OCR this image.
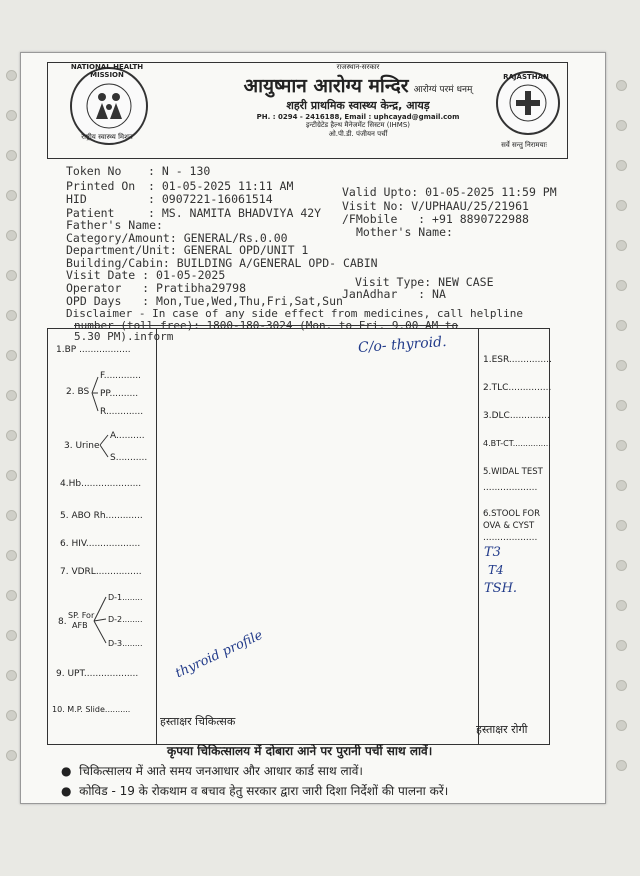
NATIONAL HEALTH MISSION
राष्ट्रीय स्वास्थ्य मिशन
राजस्थान-सरकार
आयुष्मान आरोग्य मन्दिर आरोग्यं परमं धनम्
शहरी प्राथमिक स्वास्थ्य केन्द्र, आयड़
PH. : 0294 - 2416188, Email : uphcayad@gmail.com
इन्टीग्रेटेड हैल्थ मैनेजमेंट सिस्टम (IHMS)
ओ.पी.डी. पंजीयन पर्ची
RAJASTHAN
सर्वे सन्तु निरामयाः
Token No : N - 130
Printed On : 01-05-2025 11:11 AM	Valid Upto: 01-05-2025 11:59 PM
HID	: 0907221-16061514	Visit No: V/UPHAAU/25/21961
Patient	: MS. NAMITA BHADVIYA 42Y /FMobile   : +91 8890722988
Father's Name:	Mother's Name:
Category/Amount: GENERAL/Rs.0.00
Department/Unit: GENERAL OPD/UNIT 1
Building/Cabin: BUILDING A/GENERAL OPD- CABIN
Visit Date : 01-05-2025	Visit Type: NEW CASE
Operator   : Pratibha29798	JanAdhar   : NA
OPD Days   : Mon,Tue,Wed,Thu,Fri,Sat,Sun
Disclaimer - In case of any side effect from medicines, call helpline
number (toll free): 1800-180-3024 (Mon. to Fri. 9.00 AM to
5.30 PM).inform
1.BP ..................
2. BS
F.............
PP..........
R.............
3. Urine
A..........
S...........
4.Hb.....................
5. ABO Rh.............
6. HIV...................
7. VDRL................
8.
SP. For
AFB
D-1........
D-2........
D-3........
9. UPT...................
10. M.P. Slide..........
1.ESR...............
2.TLC...............
3.DLC..............
4.BT-CT...............
5.WIDAL TEST
...................
6.STOOL FOR
OVA & CYST
...................
C/o- thyroid.
T3
T4
TSH.
thyroid profile
हस्ताक्षर चिकित्सक
हस्ताक्षर रोगी
कृपया चिकित्सालय में दोबारा आने पर पुरानी पर्ची साथ लावें।
●  चिकित्सालय में आते समय जनआधार और आधार कार्ड साथ लावें।
●  कोविड - 19 के रोकथाम व बचाव हेतु सरकार द्वारा जारी दिशा निर्देशों की पालना करें।
